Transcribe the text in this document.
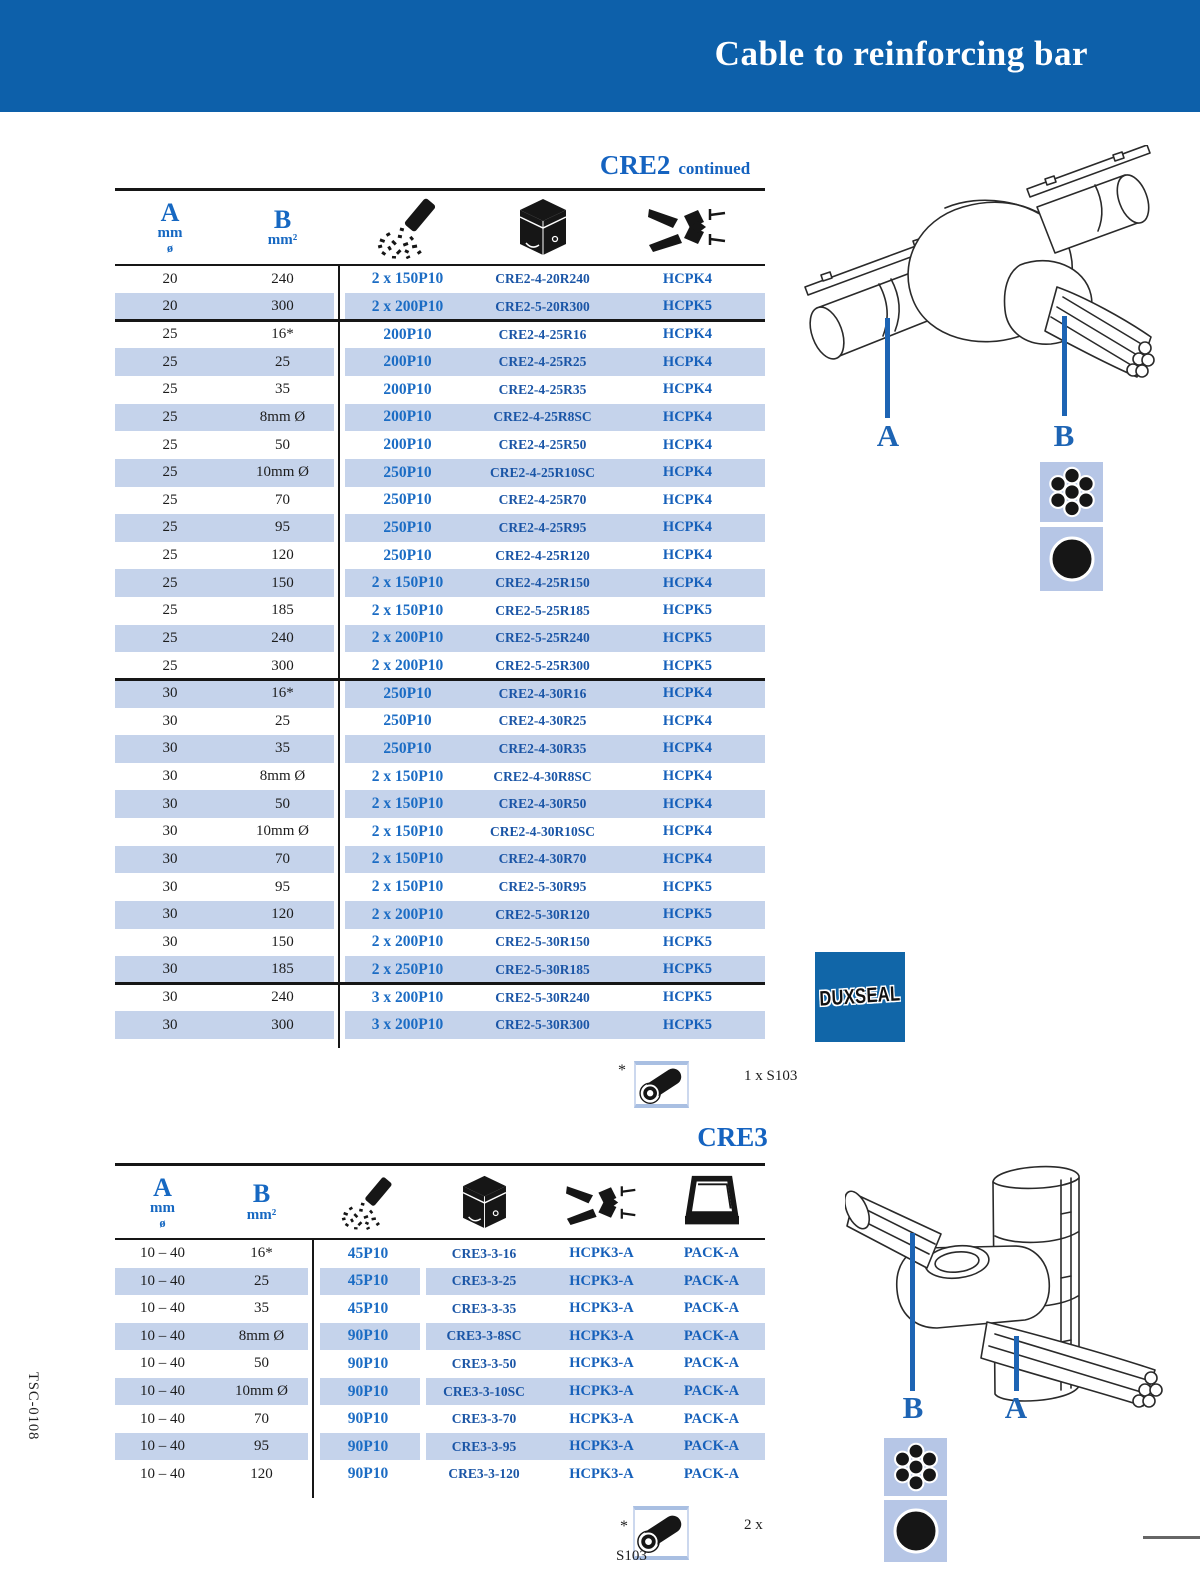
Cable to reinforcing bar
TSC-0108
CRE2 continued
A
mm
ø
B
mm²
20	240	2 x 150P10	CRE2-4-20R240	HCPK4
20	300	2 x 200P10	CRE2-5-20R300	HCPK5
25	16*	200P10	CRE2-4-25R16	HCPK4
25	25	200P10	CRE2-4-25R25	HCPK4
25	35	200P10	CRE2-4-25R35	HCPK4
25	8mm Ø	200P10	CRE2-4-25R8SC	HCPK4
25	50	200P10	CRE2-4-25R50	HCPK4
25	10mm Ø	250P10	CRE2-4-25R10SC	HCPK4
25	70	250P10	CRE2-4-25R70	HCPK4
25	95	250P10	CRE2-4-25R95	HCPK4
25	120	250P10	CRE2-4-25R120	HCPK4
25	150	2 x 150P10	CRE2-4-25R150	HCPK4
25	185	2 x 150P10	CRE2-5-25R185	HCPK5
25	240	2 x 200P10	CRE2-5-25R240	HCPK5
25	300	2 x 200P10	CRE2-5-25R300	HCPK5
30	16*	250P10	CRE2-4-30R16	HCPK4
30	25	250P10	CRE2-4-30R25	HCPK4
30	35	250P10	CRE2-4-30R35	HCPK4
30	8mm Ø	2 x 150P10	CRE2-4-30R8SC	HCPK4
30	50	2 x 150P10	CRE2-4-30R50	HCPK4
30	10mm Ø	2 x 150P10	CRE2-4-30R10SC	HCPK4
30	70	2 x 150P10	CRE2-4-30R70	HCPK4
30	95	2 x 150P10	CRE2-5-30R95	HCPK5
30	120	2 x 200P10	CRE2-5-30R120	HCPK5
30	150	2 x 200P10	CRE2-5-30R150	HCPK5
30	185	2 x 250P10	CRE2-5-30R185	HCPK5
30	240	3 x 200P10	CRE2-5-30R240	HCPK5
30	300	3 x 200P10	CRE2-5-30R300	HCPK5
*	1 x S103
CRE3
A
mm
ø
B
mm²
10 – 40	16*	45P10	CRE3-3-16	HCPK3-A	PACK-A
10 – 40	25	45P10	CRE3-3-25	HCPK3-A	PACK-A
10 – 40	35	45P10	CRE3-3-35	HCPK3-A	PACK-A
10 – 40	8mm Ø	90P10	CRE3-3-8SC	HCPK3-A	PACK-A
10 – 40	50	90P10	CRE3-3-50	HCPK3-A	PACK-A
10 – 40	10mm Ø	90P10	CRE3-3-10SC	HCPK3-A	PACK-A
10 – 40	70	90P10	CRE3-3-70	HCPK3-A	PACK-A
10 – 40	95	90P10	CRE3-3-95	HCPK3-A	PACK-A
10 – 40	120	90P10	CRE3-3-120	HCPK3-A	PACK-A
*	2 x
S103
A	B
DUXSEAL
B	A
